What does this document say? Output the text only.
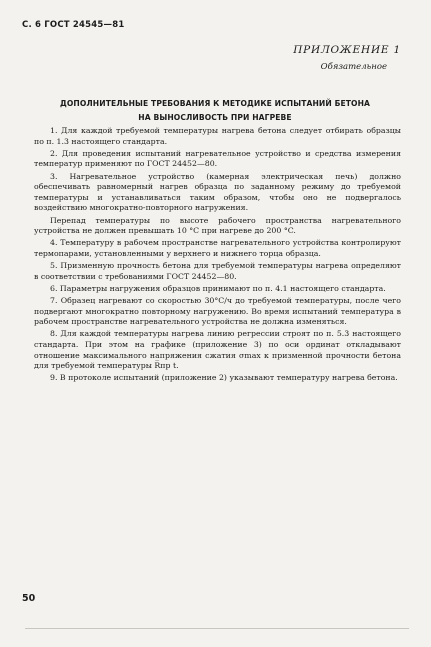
С. 6 ГОСТ 24545—81
ПРИЛОЖЕНИЕ 1
Обязательное
ДОПОЛНИТЕЛЬНЫЕ ТРЕБОВАНИЯ К МЕТОДИКЕ ИСПЫТАНИЙ БЕТОНА
НА ВЫНОСЛИВОСТЬ ПРИ НАГРЕВЕ

1. Для каждой требуемой температуры нагрева бетона следует отбирать образцы по п. 1.3 настоящего стандарта.

2. Для проведения испытаний нагревательное устройство и средства измерения температур применяют по ГОСТ 24452—80.

3. Нагревательное устройство (камерная электрическая печь) должно обеспечивать равномерный нагрев образца по заданному режиму до требуемой температуры и устанавливаться таким образом, чтобы оно не подвергалось воздействию многократно-повторного нагружения.

Перепад температуры по высоте рабочего пространства нагревательного устройства не должен превышать 10 °C при нагреве до 200 °C.

4. Температуру в рабочем пространстве нагревательного устройства контролируют термопарами, установленными у верхнего и нижнего торца образца.

5. Призменную прочность бетона для требуемой температуры нагрева определяют в соответствии с требованиями ГОСТ 24452—80.

6. Параметры нагружения образцов принимают по п. 4.1 настоящего стандарта.

7. Образец нагревают со скоростью 30°С/ч до требуемой температуры, после чего подвергают многократно повторному нагружению. Во время испытаний температура в рабочем пространстве нагревательного устройства не должна изменяться.

8. Для каждой температуры нагрева линию регрессии строят по п. 5.3 настоящего стандарта. При этом на графике (приложение 3) по оси ординат откладывают отношение максимального напряжения сжатия σmax к призменной прочности бетона для требуемой температуры R̅пр t.

9. В протоколе испытаний (приложение 2) указывают температуру нагрева бетона.

50
